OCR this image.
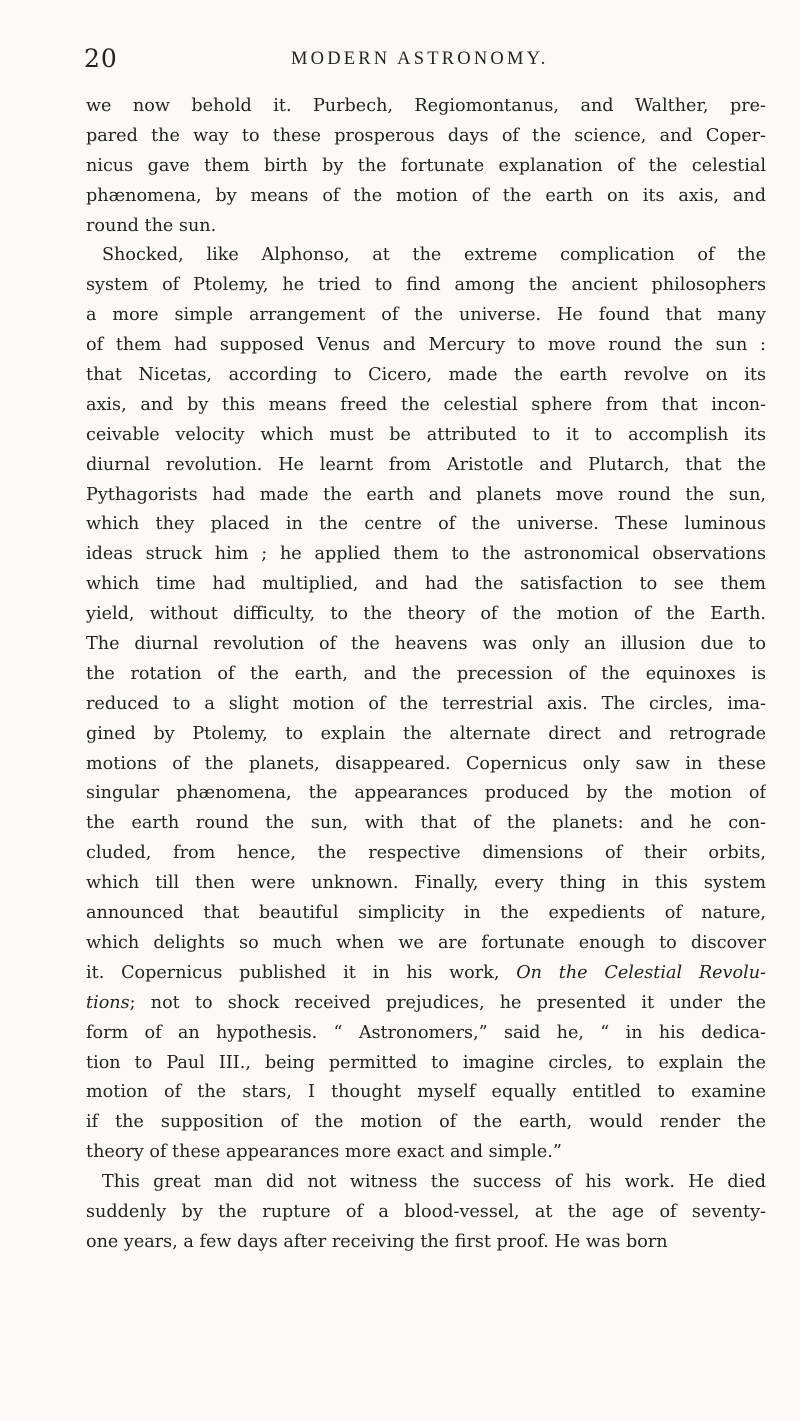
20	MODERN ASTRONOMY.
we now behold it. Purbech, Regiomontanus, and Walther, pre-
pared the way to these prosperous days of the science, and Coper-
nicus gave them birth by the fortunate explanation of the celestial
phænomena, by means of the motion of the earth on its axis, and
round the sun.
Shocked, like Alphonso, at the extreme complication of the
system of Ptolemy, he tried to find among the ancient philosophers
a more simple arrangement of the universe. He found that many
of them had supposed Venus and Mercury to move round the sun :
that Nicetas, according to Cicero, made the earth revolve on its
axis, and by this means freed the celestial sphere from that incon-
ceivable velocity which must be attributed to it to accomplish its
diurnal revolution. He learnt from Aristotle and Plutarch, that the
Pythagorists had made the earth and planets move round the sun,
which they placed in the centre of the universe. These luminous
ideas struck him ; he applied them to the astronomical observations
which time had multiplied, and had the satisfaction to see them
yield, without difficulty, to the theory of the motion of the Earth.
The diurnal revolution of the heavens was only an illusion due to
the rotation of the earth, and the precession of the equinoxes is
reduced to a slight motion of the terrestrial axis. The circles, ima-
gined by Ptolemy, to explain the alternate direct and retrograde
motions of the planets, disappeared. Copernicus only saw in these
singular phænomena, the appearances produced by the motion of
the earth round the sun, with that of the planets: and he con-
cluded, from hence, the respective dimensions of their orbits,
which till then were unknown. Finally, every thing in this system
announced that beautiful simplicity in the expedients of nature,
which delights so much when we are fortunate enough to discover
it. Copernicus published it in his work, On the Celestial Revolu-
tions; not to shock received prejudices, he presented it under the
form of an hypothesis. “ Astronomers,” said he, “ in his dedica-
tion to Paul III., being permitted to imagine circles, to explain the
motion of the stars, I thought myself equally entitled to examine
if the supposition of the motion of the earth, would render the
theory of these appearances more exact and simple.”
This great man did not witness the success of his work. He died
suddenly by the rupture of a blood-vessel, at the age of seventy-
one years, a few days after receiving the first proof. He was born
